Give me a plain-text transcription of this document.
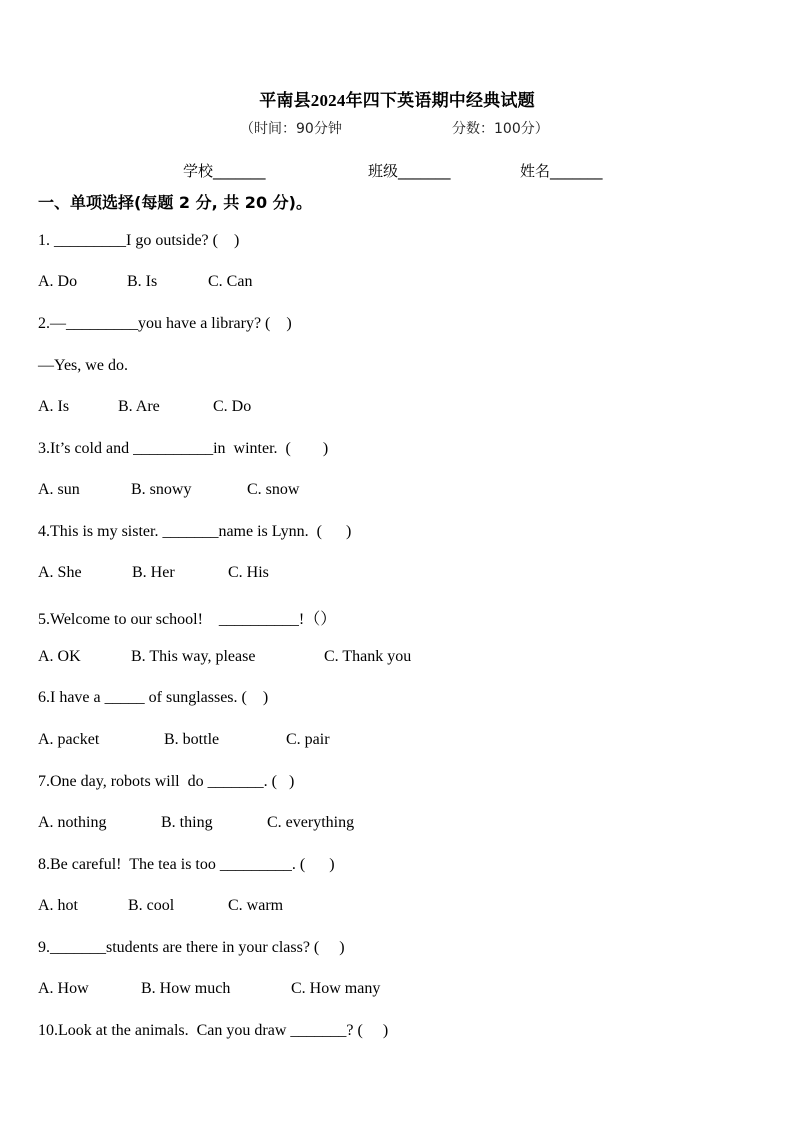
平南县2024年四下英语期中经典试题
（时间：90分钟	分数：100分）
学校_______	班级_______	姓名_______
一、单项选择(每题 2 分, 共 20 分)。
1. _________I go outside? (    )
A. Do	B. Is	C. Can
2.—_________you have a library? (    )
—Yes, we do.
A. Is	B. Are	C. Do
3.It’s cold and __________in  winter.  (        )
A. sun	B. snowy	C. snow
4.This is my sister. _______name is Lynn.  (      )
A. She	B. Her	C. His
5.Welcome to our school!    __________!（）
A. OK	B. This way, please	C. Thank you
6.I have a _____ of sunglasses. (    )
A. packet	B. bottle	C. pair
7.One day, robots will  do _______. (   )
A. nothing	B. thing	C. everything
8.Be careful!  The tea is too _________. (      )
A. hot	B. cool	C. warm
9._______students are there in your class? (     )
A. How	B. How much	C. How many
10.Look at the animals.  Can you draw _______? (     )
